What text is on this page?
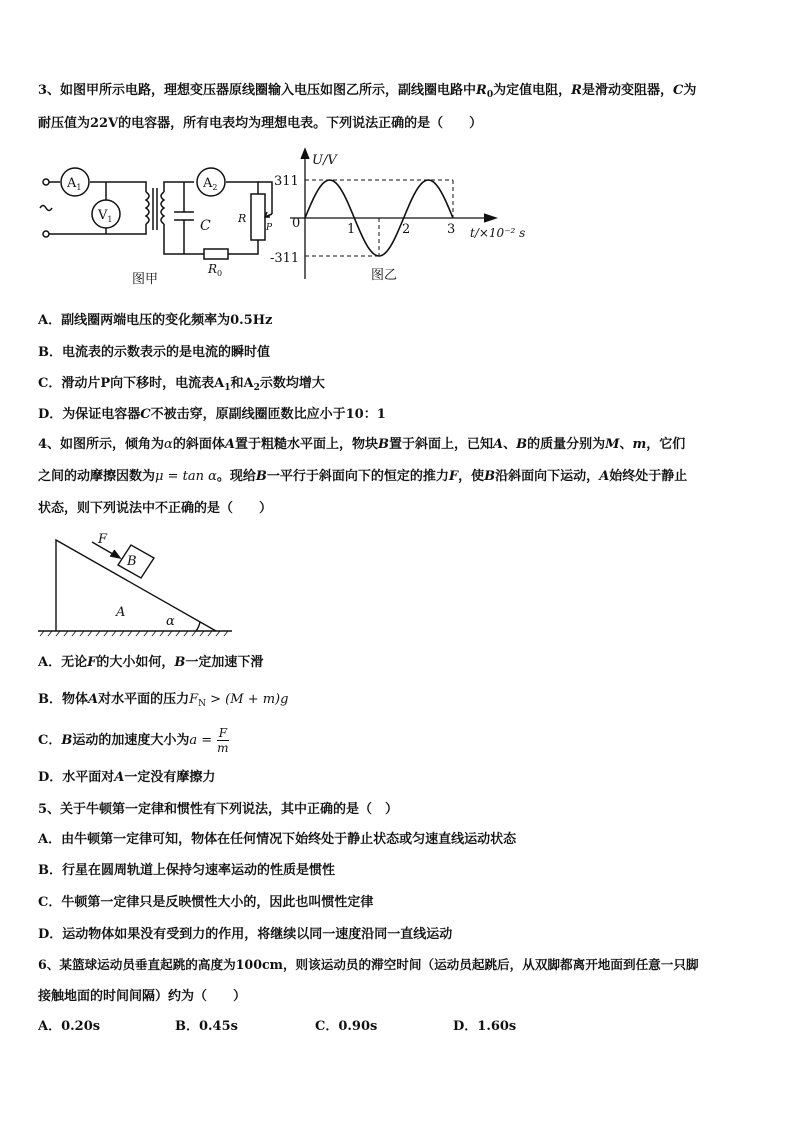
3、如图甲所示电路，理想变压器原线圈输入电压如图乙所示，副线圈电路中$R_0$为定值电阻，R是滑动变阻器，C为
耐压值为22V的电容器，所有电表均为理想电表。下列说法正确的是（　　）
$A_1$
$V_1$
$A_2$
C R
P
$R_0$
图甲
U/V
t/×10⁻² s
311
-311
0	1	2	3
图乙
A．副线圈两端电压的变化频率为0.5Hz
B．电流表的示数表示的是电流的瞬时值
C．滑动片P向下移时，电流表$A_1$和$A_2$示数均增大
D．为保证电容器C不被击穿，原副线圈匝数比应小于10：1
4、如图所示，倾角为α的斜面体A置于粗糙水平面上，物块B置于斜面上，已知A、B的质量分别为M、m，它们
之间的动摩擦因数为μ = tan α。现给B一平行于斜面向下的恒定的推力F，使B沿斜面向下运动，A始终处于静止
状态，则下列说法中不正确的是（　　）
F
B
A
α
A．无论F的大小如何，B一定加速下滑
B．物体A对水平面的压力$F_N > (M + m)g$
C．B运动的加速度大小为$a = \frac{F}{m}$
D．水平面对A一定没有摩擦力
5、关于牛顿第一定律和惯性有下列说法，其中正确的是（　）
A．由牛顿第一定律可知，物体在任何情况下始终处于静止状态或匀速直线运动状态
B．行星在圆周轨道上保持匀速率运动的性质是惯性
C．牛顿第一定律只是反映惯性大小的，因此也叫惯性定律
D．运动物体如果没有受到力的作用，将继续以同一速度沿同一直线运动
6、某篮球运动员垂直起跳的高度为100cm，则该运动员的滞空时间（运动员起跳后，从双脚都离开地面到任意一只脚
接触地面的时间间隔）约为（　　）
A．0.20s	B．0.45s	C．0.90s	D．1.60s
